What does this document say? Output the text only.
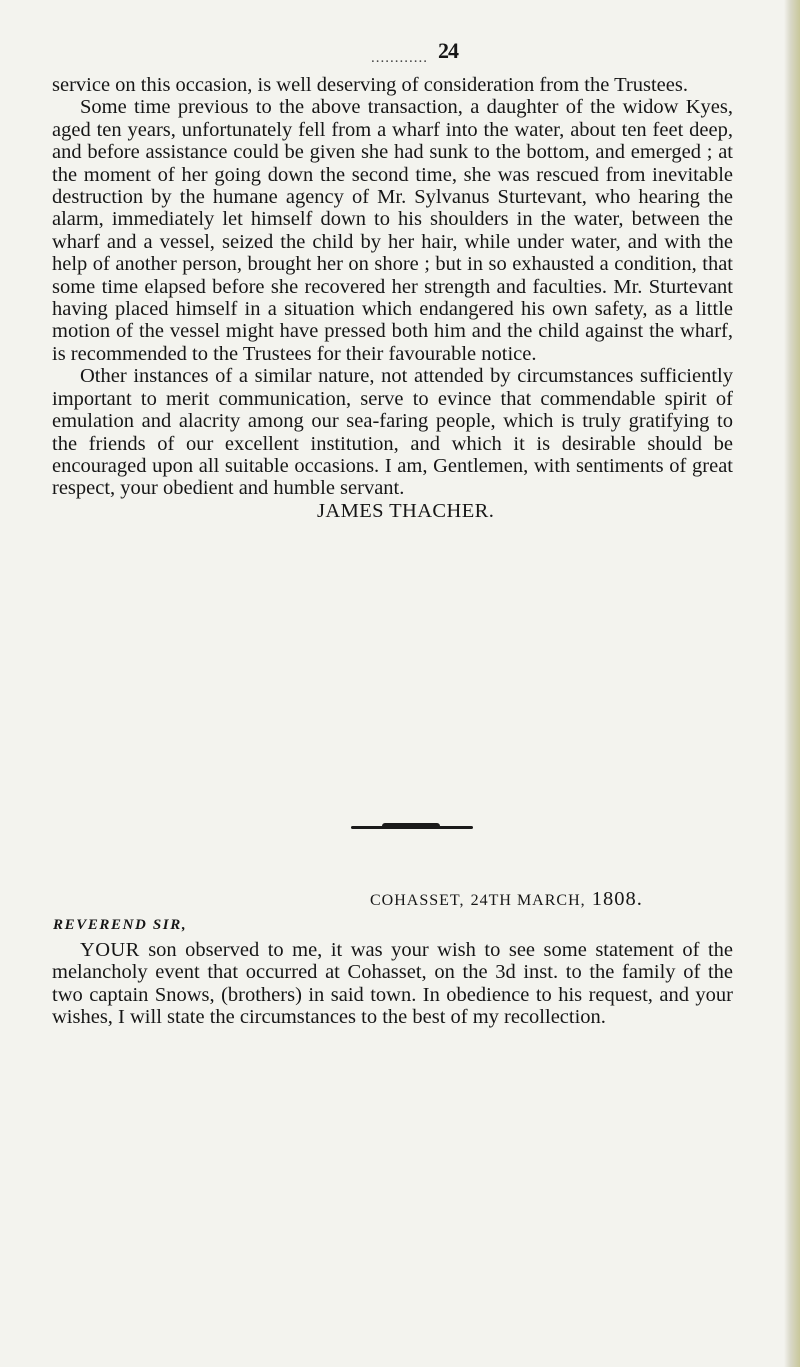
24
............

service on this occasion, is well deserving of consideration from the Trustees.

Some time previous to the above transaction, a daughter of the widow Kyes, aged ten years, unfortunately fell from a wharf into the water, about ten feet deep, and before assistance could be given she had sunk to the bottom, and emerged ; at the moment of her going down the second time, she was rescued from inevitable destruction by the humane agency of Mr. Sylvanus Sturtevant, who hearing the alarm, immediately let himself down to his shoulders in the water, between the wharf and a vessel, seized the child by her hair, while under water, and with the help of another person, brought her on shore ; but in so exhausted a condition, that some time elapsed before she recovered her strength and faculties. Mr. Sturtevant having placed himself in a situation which endangered his own safety, as a little motion of the vessel might have pressed both him and the child against the wharf, is recommended to the Trustees for their favourable notice.

Other instances of a similar nature, not attended by circumstances sufficiently important to merit communication, serve to evince that commendable spirit of emulation and alacrity among our sea-faring people, which is truly gratifying to the friends of our excellent institution, and which it is desirable should be encouraged upon all suitable occasions. I am, Gentlemen, with sentiments of great respect, your obedient and humble servant.

JAMES THACHER.

COHASSET, 24TH MARCH, 1808.
REVEREND SIR,

YOUR son observed to me, it was your wish to see some statement of the melancholy event that occurred at Cohasset, on the 3d inst. to the family of the two captain Snows, (brothers) in said town. In obedience to his request, and your wishes, I will state the circumstances to the best of my recollection.
